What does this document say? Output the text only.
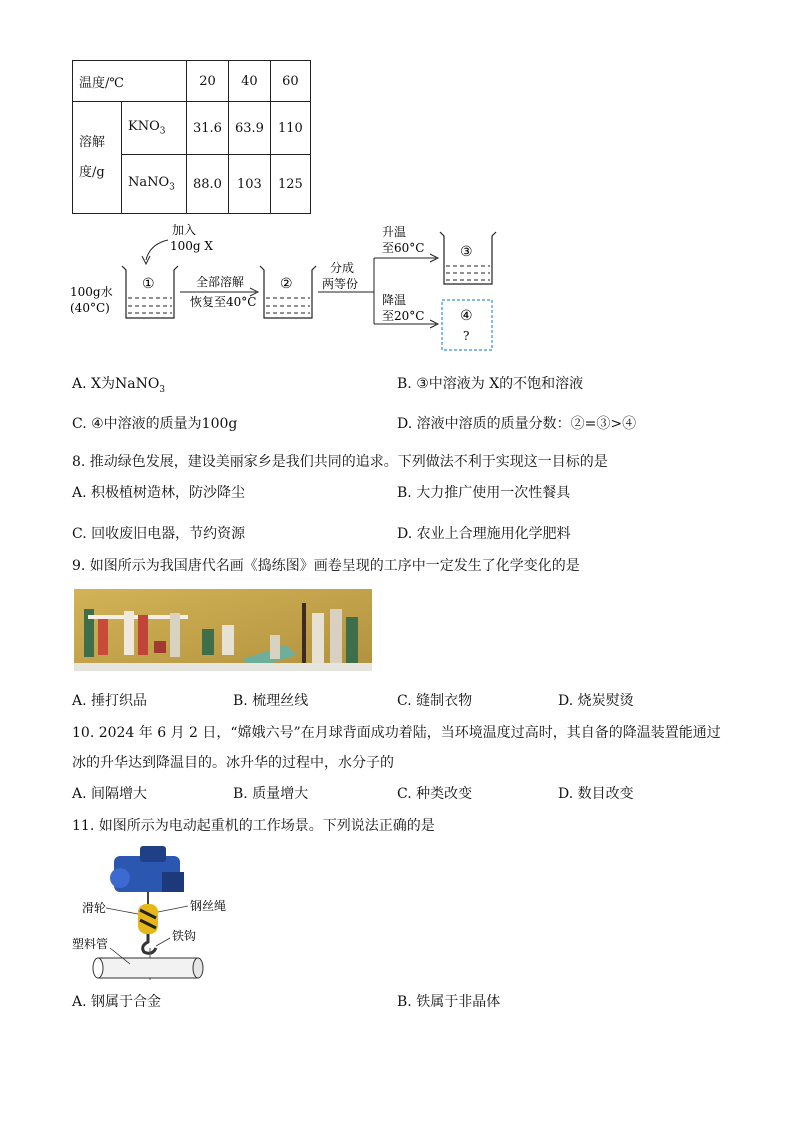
温度/℃		20	40	60

溶解
度/g	$KNO_3$	31.6	63.9	110
	NaNO$_3$	88.0	103	125
加入
100g X
100g水
(40°C)
①	全部溶解
恢复至40°C
②
分成
两等份
升温
至60°C
降温
至20°C
③
④
?
A. X为NaNO$_3$	B. ③中溶液为 X的不饱和溶液
C. ④中溶液的质量为100g	D. 溶液中溶质的质量分数：②=③>④
8. 推动绿色发展，建设美丽家乡是我们共同的追求。下列做法不利于实现这一目标的是
A. 积极植树造林，防沙降尘	B. 大力推广使用一次性餐具
C. 回收废旧电器，节约资源	D. 农业上合理施用化学肥料
9. 如图所示为我国唐代名画《捣练图》画卷呈现的工序中一定发生了化学变化的是
A. 捶打织品	B. 梳理丝线	C. 缝制衣物	D. 烧炭熨烫
10. 2024 年 6 月 2 日，“嫦娥六号”在月球背面成功着陆，当环境温度过高时，其自备的降温装置能通过
冰的升华达到降温目的。冰升华的过程中，水分子的
A. 间隔增大	B. 质量增大	C. 种类改变	D. 数目改变
11. 如图所示为电动起重机的工作场景。下列说法正确的是
滑轮	钢丝绳
塑料管
铁钩
A. 钢属于合金	B. 铁属于非晶体
